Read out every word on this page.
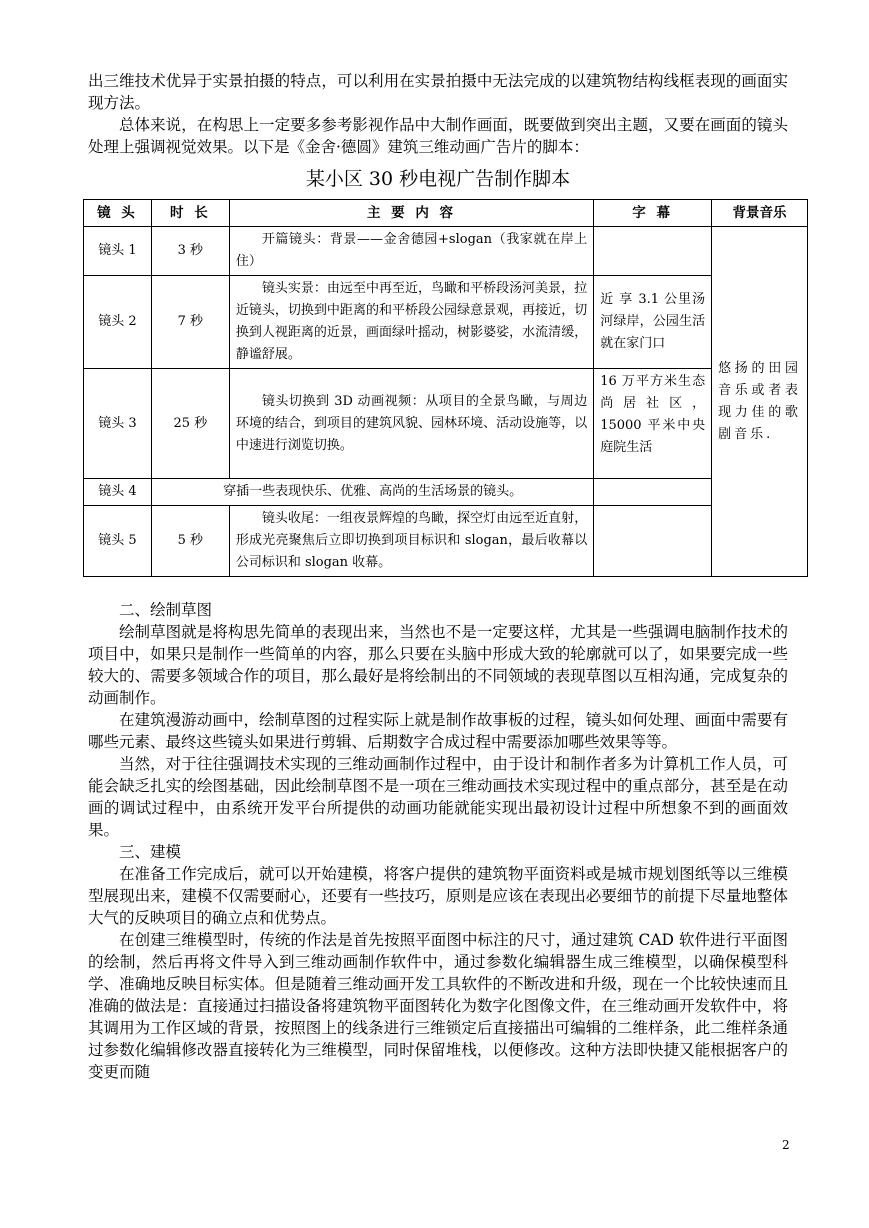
出三维技术优异于实景拍摄的特点，可以利用在实景拍摄中无法完成的以建筑物结构线框表现的画面实现方法。

总体来说，在构思上一定要多参考影视作品中大制作画面，既要做到突出主题，又要在画面的镜头处理上强调视觉效果。以下是《金舍·德圆》建筑三维动画广告片的脚本：

某小区 30 秒电视广告制作脚本
镜 头	时 长	主 要 内 容	字 幕	背景音乐
镜头 1	3 秒	开篇镜头：背景——金舍德园+slogan（我家就在岸上住）		悠扬的田园音乐或者表现力佳的歌剧音乐.
镜头 2	7 秒	镜头实景：由远至中再至近，鸟瞰和平桥段汤河美景，拉近镜头，切换到中距离的和平桥段公园绿意景观，再接近，切换到人视距离的近景，画面绿叶摇动，树影婆娑，水流清缓，静谧舒展。	近 享 3.1 公里汤河绿岸，公园生活就在家门口	
镜头 3	25 秒	镜头切换到 3D 动画视频：从项目的全景鸟瞰，与周边环境的结合，到项目的建筑风貌、园林环境、活动设施等，以中速进行浏览切换。	16 万平方米生态尚居社区，15000 平米中央庭院生活	
镜头 4	穿插一些表现快乐、优雅、高尚的生活场景的镜头。			
镜头 5	5 秒	镜头收尾：一组夜景辉煌的鸟瞰，探空灯由远至近直射，形成光亮聚焦后立即切换到项目标识和 slogan，最后收幕以公司标识和 slogan 收幕。		

二、绘制草图

绘制草图就是将构思先简单的表现出来，当然也不是一定要这样，尤其是一些强调电脑制作技术的项目中，如果只是制作一些简单的内容，那么只要在头脑中形成大致的轮廓就可以了，如果要完成一些较大的、需要多领域合作的项目，那么最好是将绘制出的不同领域的表现草图以互相沟通，完成复杂的动画制作。

在建筑漫游动画中，绘制草图的过程实际上就是制作故事板的过程，镜头如何处理、画面中需要有哪些元素、最终这些镜头如果进行剪辑、后期数字合成过程中需要添加哪些效果等等。

当然，对于往往强调技术实现的三维动画制作过程中，由于设计和制作者多为计算机工作人员，可能会缺乏扎实的绘图基础，因此绘制草图不是一项在三维动画技术实现过程中的重点部分，甚至是在动画的调试过程中，由系统开发平台所提供的动画功能就能实现出最初设计过程中所想象不到的画面效果。

三、建模

在准备工作完成后，就可以开始建模，将客户提供的建筑物平面资料或是城市规划图纸等以三维模型展现出来，建模不仅需要耐心，还要有一些技巧，原则是应该在表现出必要细节的前提下尽量地整体大气的反映项目的确立点和优势点。

在创建三维模型时，传统的作法是首先按照平面图中标注的尺寸，通过建筑 CAD 软件进行平面图的绘制，然后再将文件导入到三维动画制作软件中，通过参数化编辑器生成三维模型，以确保模型科学、准确地反映目标实体。但是随着三维动画开发工具软件的不断改进和升级，现在一个比较快速而且准确的做法是：直接通过扫描设备将建筑物平面图转化为数字化图像文件，在三维动画开发软件中，将其调用为工作区域的背景，按照图上的线条进行三维锁定后直接描出可编辑的二维样条，此二维样条通过参数化编辑修改器直接转化为三维模型，同时保留堆栈，以便修改。这种方法即快捷又能根据客户的变更而随

2
